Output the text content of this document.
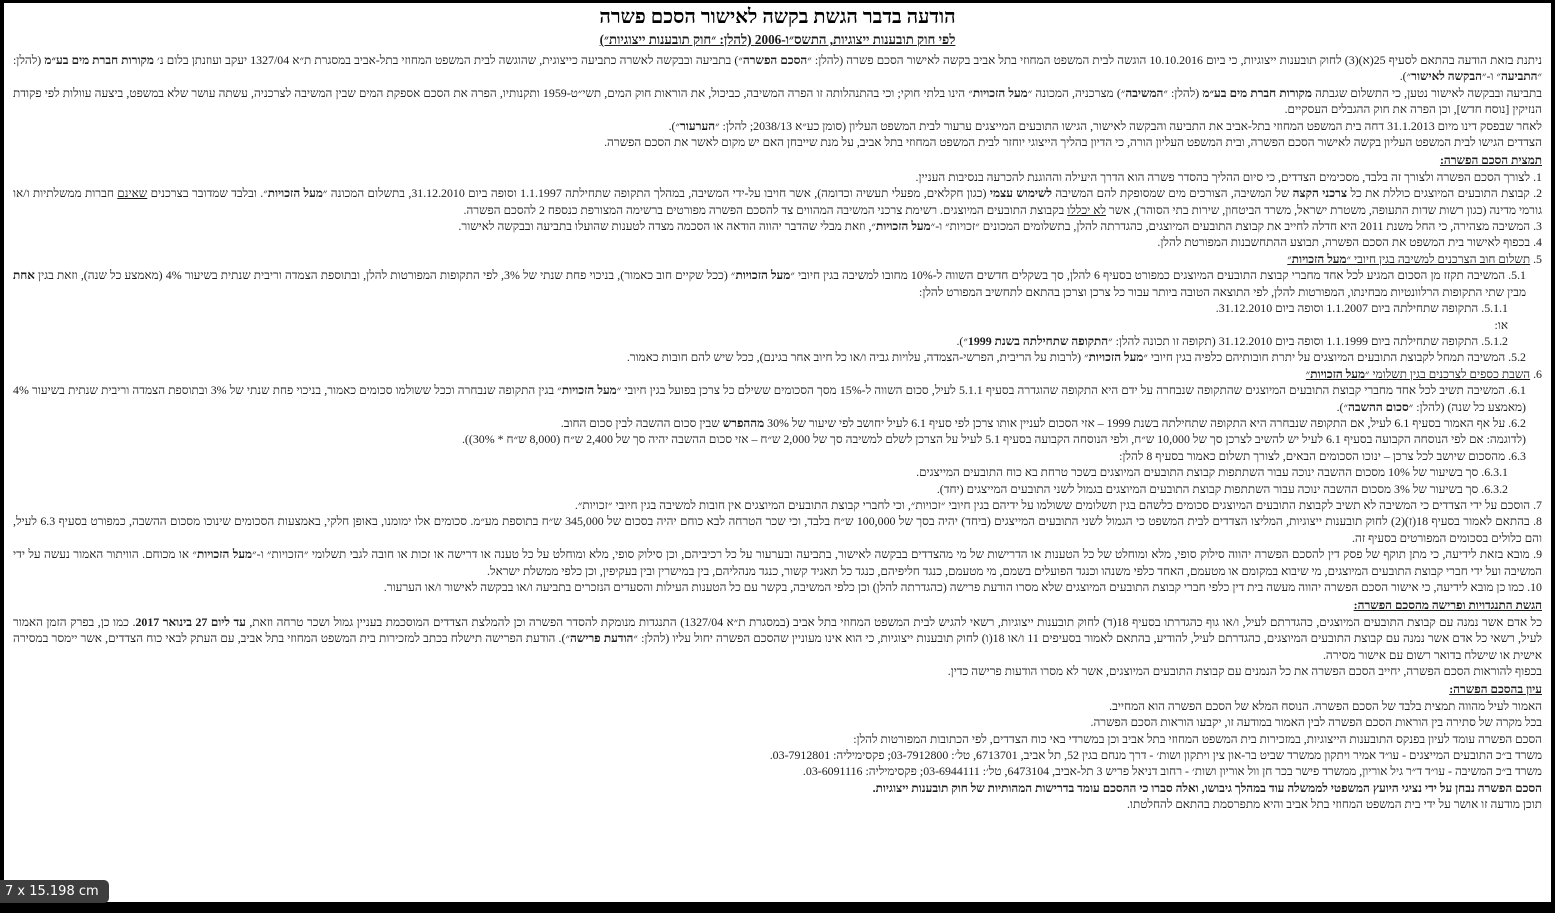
הודעה בדבר הגשת בקשה לאישור הסכם פשרה
לפי חוק תובענות ייצוגיות, התשס״ו-2006 (להלן: ״חוק תובענות ייצוגיות״)
ניתנת בזאת הודעה בהתאם לסעיף 25(א)(3) לחוק תובענות ייצוגיות, כי ביום 10.10.2016 הוגשה לבית המשפט המחוזי בתל אביב בקשה לאישור הסכם פשרה (להלן: ״הסכם הפשרה״) בתביעה ובבקשה לאשרה כתביעה כייצוגית, שהוגשה לבית המשפט המחוזי בתל-אביב במסגרת ת״א 1327/04 יעקב ועוזנתן בלום נ׳ מקורות חברת מים בע״מ (להלן: ״התביעה״ ו-״הבקשה לאישור״).
בתביעה ובבקשה לאישור נטען, כי התשלום שגבתה מקורות חברת מים בע״מ (להלן: ״המשיבה״) מצרכניה, המכונה ״מעל הזכויות״ הינו בלתי חוקי; וכי בהתנהלותה זו הפרה המשיבה, כביכול, את הוראות חוק המים, תשי״ט-1959 ותקנותיו, הפרה את הסכם אספקת המים שבין המשיבה לצרכניה, עשתה עושר שלא במשפט, ביצעה עוולות לפי פקודת הנזיקין [נוסח חדש], וכן הפרה את חוק ההגבלים העסקיים.
לאחר שבפסק דינו מיום 31.1.2013 דחה בית המשפט המחוזי בתל-אביב את התביעה והבקשה לאישור, הגישו התובעים המייצגים ערעור לבית המשפט העליון (סומן כע״א 2038/13; להלן: ״הערעור״).
הצדדים הגישו לבית המשפט העליון בקשה לאישור הסכם הפשרה, ובית המשפט העליון הורה, כי הדיון בהליך הייצוגי יוחזר לבית המשפט המחוזי בתל אביב, על מנת שייבחן האם יש מקום לאשר את הסכם הפשרה.
תמצית הסכם הפשרה:
1. לצורך הסכם הפשרה ולצורך זה בלבד, מסכימים הצדדים, כי סיום ההליך בהסדר פשרה הוא הדרך היעילה וההוגנת להכרעה בנסיבות העניין.
2. קבוצת התובעים המיוצגים כוללת את כל צרכני הקצה של המשיבה, הצורכים מים שמסופקת להם המשיבה לשימוש עצמי (כגון חקלאים, מפעלי תעשיה וכדומה), אשר חויבו על-ידי המשיבה, במהלך התקופה שתחילתה 1.1.1997 וסופה ביום 31.12.2010, בתשלום המכונה ״מעל הזכויות״. ובלבד שמדובר בצרכנים שאינם חברות ממשלתיות ו/או גורמי מדינה (כגון רשות שדות התעופה, משטרת ישראל, משרד הביטחון, שירות בתי הסוהר), אשר לא יכללו בקבוצת התובעים המיוצגים. רשימת צרכני המשיבה המהווים צד להסכם הפשרה מפורטים ברשימה המצורפת כנספח 2 להסכם הפשרה.
3. המשיבה מצהירה, כי החל משנת 2011 היא חדלה לחייב את קבוצת התובעים המיוצגים, כהגדרתה להלן, בתשלומים המכונים ״זכויות״ ו-״מעל הזכויות״, וזאת מבלי שהדבר יהווה הודאה או הסכמה מצדה לטענות שהועלו בתביעה ובבקשה לאישור.
4. בכפוף לאישור בית המשפט את הסכם הפשרה, תבוצע ההתחשבנות המפורטת להלן.
5. תשלום חוב הצרכנים למשיבה בגין חיובי ״מעל הזכויות״
5.1. המשיבה תקזז מן הסכום המגיע לכל אחד מחברי קבוצת התובעים המיוצגים כמפורט בסעיף 6 להלן, סך בשקלים חדשים השווה ל-10% מחובו למשיבה בגין חיובי ״מעל הזכויות״ (ככל שקיים חוב כאמור), בניכוי פחת שנתי של 3%, לפי התקופות המפורטות להלן, ובתוספת הצמדה וריבית שנתית בשיעור 4% (מאמצע כל שנה), וזאת בגין אחת מבין שתי התקופות הרלוונטיות מבחינתו, המפורטות להלן, לפי התוצאה הטובה ביותר עבור כל צרכן וצרכן בהתאם לתחשיב המפורט להלן:
5.1.1. התקופה שתחילתה ביום 1.1.2007 וסופה ביום 31.12.2010.
או:
5.1.2. התקופה שתחילתה ביום 1.1.1999 וסופה ביום 31.12.2010 (תקופה זו תכונה להלן: ״התקופה שתחילתה בשנת 1999״).
5.2. המשיבה תמחל לקבוצת התובעים המיוצגים על יתרת חובותיהם כלפיה בגין חיובי ״מעל הזכויות״ (לרבות על הריבית, הפרשי-הצמדה, עלויות גביה ו/או כל חיוב אחר בגינם), ככל שיש להם חובות כאמור.
6. השבת כספים לצרכנים בגין תשלומי ״מעל הזכויות״
6.1. המשיבה תשיב לכל אחד מחברי קבוצת התובעים המיוצגים שהתקופה שנבחרה על ידם היא התקופה שהוגדרה בסעיף 5.1.1 לעיל, סכום השווה ל-15% מסך הסכומים ששילם כל צרכן בפועל בגין חיובי ״מעל הזכויות״ בגין התקופה שנבחרה וככל ששולמו סכומים כאמור, בניכוי פחת שנתי של 3% ובתוספת הצמדה וריבית שנתית בשיעור 4% (מאמצע כל שנה) (להלן: ״סכום ההשבה״).
6.2. על אף האמור בסעיף 6.1 לעיל, אם התקופה שנבחרה היא התקופה שתחילתה בשנת 1999 – אזי הסכום לעניין אותו צרכן לפי סעיף 6.1 לעיל יחושב לפי שיעור של 30% מההפרש שבין סכום ההשבה לבין סכום החוב.
(לדוגמה: אם לפי הנוסחה הקבועה בסעיף 6.1 לעיל יש להשיב לצרכן סך של 10,000 ש״ח, ולפי הנוסחה הקבועה בסעיף 5.1 לעיל על הצרכן לשלם למשיבה סך של 2,000 ש״ח – אזי סכום ההשבה יהיה סך של 2,400 ש״ח (8,000 ש״ח * 30%)).
6.3. מהסכום שיושב לכל צרכן – ינוכו הסכומים הבאים, לצורך תשלום כאמור בסעיף 8 להלן:
6.3.1. סך בשיעור של 10% מסכום ההשבה ינוכה עבור השתתפות קבוצת התובעים המיוצגים בשכר טרחת בא כוח התובעים המייצגים.
6.3.2. סך בשיעור של 3% מסכום ההשבה ינוכה עבור השתתפות קבוצת התובעים המיוצגים בגמול לשני התובעים המייצגים (יחד).
7. הוסכם על ידי הצדדים כי המשיבה לא תשיב לקבוצת התובעים המיוצגים סכומים כלשהם בגין תשלומים ששולמו על ידיהם בגין חיובי ״זכויות״, וכי לחברי קבוצת התובעים המיוצגים אין חובות למשיבה בגין חיובי ״זכויות״.
8. בהתאם לאמור בסעיף 18(ז)(2) לחוק תובענות ייצוגיות, המליצו הצדדים לבית המשפט כי הגמול לשני התובעים המייצגים (ביחד) יהיה בסך של 100,000 ש״ח בלבד, וכי שכר הטרחה לבא כוחם יהיה בסכום של 345,000 ש״ח בתוספת מע״מ. סכומים אלו ימומנו, באופן חלקי, באמצעות הסכומים שינוכו מסכום ההשבה, כמפורט בסעיף 6.3 לעיל, והם כלולים בסכומים המפורטים בסעיף זה.
9. מובא בזאת לידיעה, כי מתן תוקף של פסק דין להסכם הפשרה יהווה סילוק סופי, מלא ומוחלט של כל הטענות או הדרישות של מי מהצדדים בבקשה לאישור, בתביעה ובערעור על כל רכיביהם, וכן סילוק סופי, מלא ומוחלט על כל טענה או דרישה או זכות או חובה לגבי תשלומי ״הזכויות״ ו-״מעל הזכויות״ או מכוחם. הוויתור האמור נעשה על ידי המשיבה ועל ידי חברי קבוצת התובעים המיוצגים, מי שיבוא במקומם או מטעמם, האחד כלפי משנהו וכנגד הפועלים בשמם, מי מטעמם, כנגד חליפיהם, כנגד כל תאגיד קשור, כנגד מנהליהם, בין במישרין ובין בעקיפין, וכן כלפי ממשלת ישראל.
10. כמו כן מובא לידיעה, כי אישור הסכם הפשרה יהווה מעשה בית דין כלפי חברי קבוצת התובעים המיוצגים שלא מסרו הודעת פרישה (כהגדרתה להלן) וכן כלפי המשיבה, בקשר עם כל הטענות העילות והסעדים הנזכרים בתביעה ו/או בבקשה לאישור ו/או הערעור.
הגשת התנגדויות ופרישה מהסכם הפשרה:
כל אדם אשר נמנה עם קבוצת התובעים המיוצגים, כהגדרתם לעיל, ו/או גוף כהגדרתו בסעיף 18(ד) לחוק תובענות ייצוגיות, רשאי להגיש לבית המשפט המחוזי בתל אביב (במסגרת ת״א 1327/04) התנגדות מנומקת להסדר הפשרה וכן להמלצת הצדדים המוסכמת בעניין גמול ושכר טרחה וזאת, עד ליום 27 בינואר 2017. כמו כן, בפרק הזמן האמור לעיל, רשאי כל אדם אשר נמנה עם קבוצת התובעים המיוצגים, כהגדרתם לעיל, להודיע, בהתאם לאמור בסעיפים 11 ו/או 18(ו) לחוק תובענות ייצוגיות, כי הוא אינו מעוניין שהסכם הפשרה יחול עליו (להלן: ״הודעת פרישה״). הודעת הפרישה תישלח בכתב למזכירות בית המשפט המחוזי בתל אביב, עם העתק לבאי כוח הצדדים, אשר יימסר במסירה אישית או שישלח בדואר רשום עם אישור מסירה.
בכפוף להוראות הסכם הפשרה, יחייב הסכם הפשרה את כל הנמנים עם קבוצת התובעים המיוצגים, אשר לא מסרו הודעות פרישה כדין.
עיון בהסכם הפשרה:
האמור לעיל מהווה תמצית בלבד של הסכם הפשרה. הנוסח המלא של הסכם הפשרה הוא המחייב.
בכל מקרה של סתירה בין הוראות הסכם הפשרה לבין האמור במודעה זו, יקבעו הוראות הסכם הפשרה.
הסכם הפשרה עומד לעיון בפנקס התובענות הייצוגיות, במזכירות בית המשפט המחוזי בתל אביב וכן במשרדי באי כוח הצדדים, לפי הכתובות המפורטות להלן:
משרד ב״כ התובעים המייצגים - עו״ד אמיר ויתקון ממשרד שביט בר-און צין ויתקון ושות׳ - דרך מנחם בגין 52, תל אביב, 6713701, טל׳: ‪03-7912800‬; פקסימיליה: ‪03-7912801‬.
משרד ב״כ המשיבה - עו״ד ד״ר גיל אוריון, ממשרד פישר בכר חן וול אוריון ושות׳ - רחוב דניאל פריש 3 תל-אביב, 6473104, טל׳: ‪03-6944111‬; פקסימיליה: ‪03-6091116‬.
הסכם הפשרה נבחן על ידי נציגי היועץ המשפטי לממשלה עוד במהלך גיבושו, ואלה סברו כי ההסכם עומד בדרישות המהותיות של חוק תובענות ייצוגיות.
תוכן מודעה זו אושר על ידי בית המשפט המחוזי בתל אביב והיא מתפרסמת בהתאם להחלטתו.
7 x 15.198 cm
